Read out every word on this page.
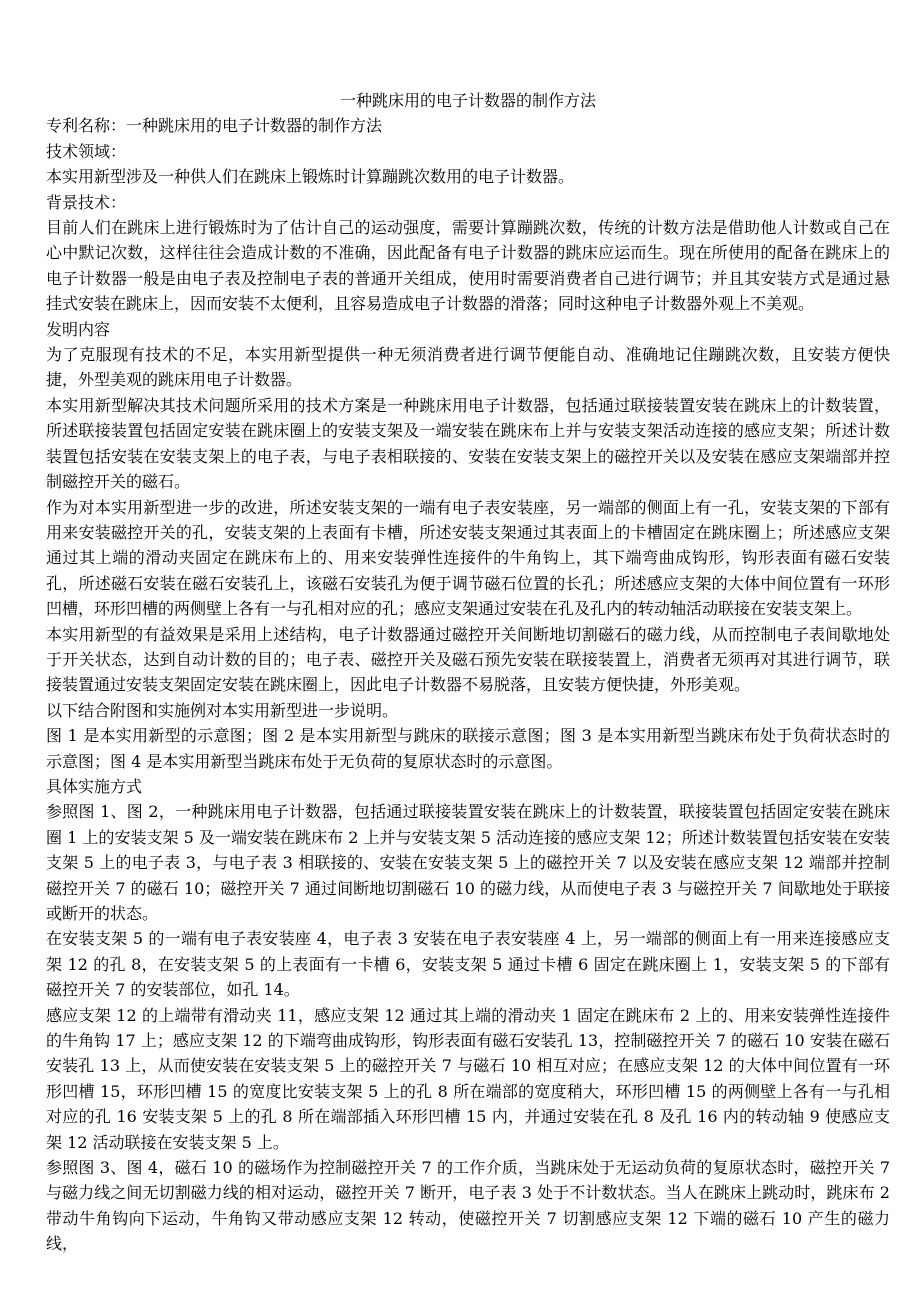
一种跳床用的电子计数器的制作方法

专利名称：一种跳床用的电子计数器的制作方法

技术领域：

本实用新型涉及一种供人们在跳床上锻炼时计算蹦跳次数用的电子计数器。

背景技术：

目前人们在跳床上进行锻炼时为了估计自己的运动强度，需要计算蹦跳次数，传统的计数方法是借助他人计数或自己在心中默记次数，这样往往会造成计数的不准确，因此配备有电子计数器的跳床应运而生。现在所使用的配备在跳床上的电子计数器一般是由电子表及控制电子表的普通开关组成，使用时需要消费者自己进行调节；并且其安装方式是通过悬挂式安装在跳床上，因而安装不太便利，且容易造成电子计数器的滑落；同时这种电子计数器外观上不美观。

发明内容

为了克服现有技术的不足，本实用新型提供一种无须消费者进行调节便能自动、准确地记住蹦跳次数，且安装方便快捷，外型美观的跳床用电子计数器。

本实用新型解决其技术问题所采用的技术方案是一种跳床用电子计数器，包括通过联接装置安装在跳床上的计数装置，所述联接装置包括固定安装在跳床圈上的安装支架及一端安装在跳床布上并与安装支架活动连接的感应支架；所述计数装置包括安装在安装支架上的电子表，与电子表相联接的、安装在安装支架上的磁控开关以及安装在感应支架端部并控制磁控开关的磁石。

作为对本实用新型进一步的改进，所述安装支架的一端有电子表安装座，另一端部的侧面上有一孔，安装支架的下部有用来安装磁控开关的孔，安装支架的上表面有卡槽，所述安装支架通过其表面上的卡槽固定在跳床圈上；所述感应支架通过其上端的滑动夹固定在跳床布上的、用来安装弹性连接件的牛角钩上，其下端弯曲成钩形，钩形表面有磁石安装孔，所述磁石安装在磁石安装孔上，该磁石安装孔为便于调节磁石位置的长孔；所述感应支架的大体中间位置有一环形凹槽，环形凹槽的两侧壁上各有一与孔相对应的孔；感应支架通过安装在孔及孔内的转动轴活动联接在安装支架上。

本实用新型的有益效果是采用上述结构，电子计数器通过磁控开关间断地切割磁石的磁力线，从而控制电子表间歇地处于开关状态，达到自动计数的目的；电子表、磁控开关及磁石预先安装在联接装置上，消费者无须再对其进行调节，联接装置通过安装支架固定安装在跳床圈上，因此电子计数器不易脱落，且安装方便快捷，外形美观。

以下结合附图和实施例对本实用新型进一步说明。

图 1 是本实用新型的示意图；图 2 是本实用新型与跳床的联接示意图；图 3 是本实用新型当跳床布处于负荷状态时的示意图；图 4 是本实用新型当跳床布处于无负荷的复原状态时的示意图。

具体实施方式

参照图 1、图 2，一种跳床用电子计数器，包括通过联接装置安装在跳床上的计数装置，联接装置包括固定安装在跳床圈 1 上的安装支架 5 及一端安装在跳床布 2 上并与安装支架 5 活动连接的感应支架 12；所述计数装置包括安装在安装支架 5 上的电子表 3，与电子表 3 相联接的、安装在安装支架 5 上的磁控开关 7 以及安装在感应支架 12 端部并控制磁控开关 7 的磁石 10；磁控开关 7 通过间断地切割磁石 10 的磁力线，从而使电子表 3 与磁控开关 7 间歇地处于联接或断开的状态。

在安装支架 5 的一端有电子表安装座 4，电子表 3 安装在电子表安装座 4 上，另一端部的侧面上有一用来连接感应支架 12 的孔 8，在安装支架 5 的上表面有一卡槽 6，安装支架 5 通过卡槽 6 固定在跳床圈上 1，安装支架 5 的下部有磁控开关 7 的安装部位，如孔 14。

感应支架 12 的上端带有滑动夹 11，感应支架 12 通过其上端的滑动夹 1 固定在跳床布 2 上的、用来安装弹性连接件的牛角钩 17 上；感应支架 12 的下端弯曲成钩形，钩形表面有磁石安装孔 13，控制磁控开关 7 的磁石 10 安装在磁石安装孔 13 上，从而使安装在安装支架 5 上的磁控开关 7 与磁石 10 相互对应；在感应支架 12 的大体中间位置有一环形凹槽 15，环形凹槽 15 的宽度比安装支架 5 上的孔 8 所在端部的宽度稍大，环形凹槽 15 的两侧壁上各有一与孔相对应的孔 16 安装支架 5 上的孔 8 所在端部插入环形凹槽 15 内，并通过安装在孔 8 及孔 16 内的转动轴 9 使感应支架 12 活动联接在安装支架 5 上。

参照图 3、图 4，磁石 10 的磁场作为控制磁控开关 7 的工作介质，当跳床处于无运动负荷的复原状态时，磁控开关 7 与磁力线之间无切割磁力线的相对运动，磁控开关 7 断开，电子表 3 处于不计数状态。当人在跳床上跳动时，跳床布 2 带动牛角钩向下运动，牛角钩又带动感应支架 12 转动，使磁控开关 7 切割感应支架 12 下端的磁石 10 产生的磁力线，
